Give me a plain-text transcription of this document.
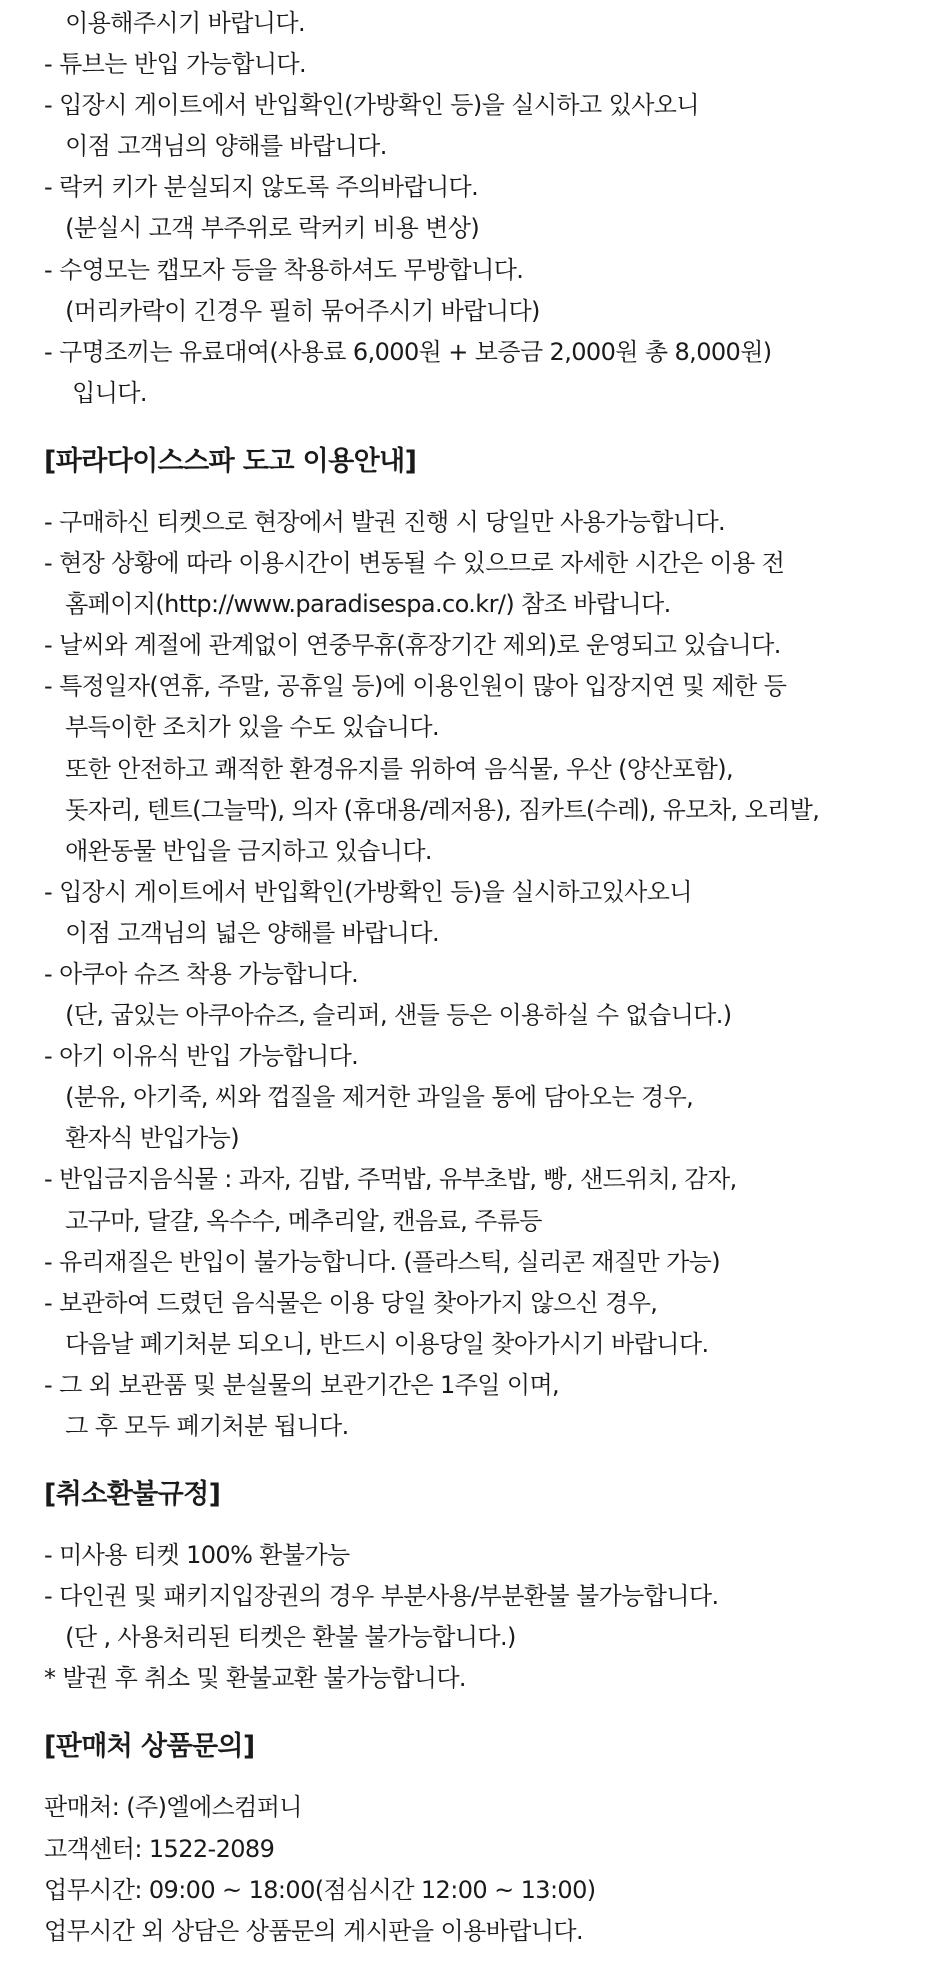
이용해주시기 바랍니다.
- 튜브는 반입 가능합니다.
- 입장시 게이트에서 반입확인(가방확인 등)을 실시하고 있사오니
이점 고객님의 양해를 바랍니다.
- 락커 키가 분실되지 않도록 주의바랍니다.
(분실시 고객 부주위로 락커키 비용 변상)
- 수영모는 캡모자 등을 착용하셔도 무방합니다.
(머리카락이 긴경우 필히 묶어주시기 바랍니다)
- 구명조끼는 유료대여(사용료 6,000원 + 보증금 2,000원 총 8,000원)
입니다.
[파라다이스스파 도고 이용안내]
- 구매하신 티켓으로 현장에서 발권 진행 시 당일만 사용가능합니다.
- 현장 상황에 따라 이용시간이 변동될 수 있으므로 자세한 시간은 이용 전
홈페이지(http://www.paradisespa.co.kr/) 참조 바랍니다.
- 날씨와 계절에 관계없이 연중무휴(휴장기간 제외)로 운영되고 있습니다.
- 특정일자(연휴, 주말, 공휴일 등)에 이용인원이 많아 입장지연 및 제한 등
부득이한 조치가 있을 수도 있습니다.
또한 안전하고 쾌적한 환경유지를 위하여 음식물, 우산 (양산포함),
돗자리, 텐트(그늘막), 의자 (휴대용/레저용), 짐카트(수레), 유모차, 오리발,
애완동물 반입을 금지하고 있습니다.
- 입장시 게이트에서 반입확인(가방확인 등)을 실시하고있사오니
이점 고객님의 넓은 양해를 바랍니다.
- 아쿠아 슈즈 착용 가능합니다.
(단, 굽있는 아쿠아슈즈, 슬리퍼, 샌들 등은 이용하실 수 없습니다.)
- 아기 이유식 반입 가능합니다.
(분유, 아기죽, 씨와 껍질을 제거한 과일을 통에 담아오는 경우,
환자식 반입가능)
- 반입금지음식물 : 과자, 김밥, 주먹밥, 유부초밥, 빵, 샌드위치, 감자,
고구마, 달걀, 옥수수, 메추리알, 캔음료, 주류등
- 유리재질은 반입이 불가능합니다. (플라스틱, 실리콘 재질만 가능)
- 보관하여 드렸던 음식물은 이용 당일 찾아가지 않으신 경우,
다음날 폐기처분 되오니, 반드시 이용당일 찾아가시기 바랍니다.
- 그 외 보관품 및 분실물의 보관기간은 1주일 이며,
그 후 모두 폐기처분 됩니다.
[취소환불규정]
- 미사용 티켓 100% 환불가능
- 다인권 및 패키지입장권의 경우 부분사용/부분환불 불가능합니다.
(단 , 사용처리된 티켓은 환불 불가능합니다.)
* 발권 후 취소 및 환불교환 불가능합니다.
[판매처 상품문의]
판매처: (주)엘에스컴퍼니
고객센터: 1522-2089
업무시간: 09:00 ~ 18:00(점심시간 12:00 ~ 13:00)
업무시간 외 상담은 상품문의 게시판을 이용바랍니다.
